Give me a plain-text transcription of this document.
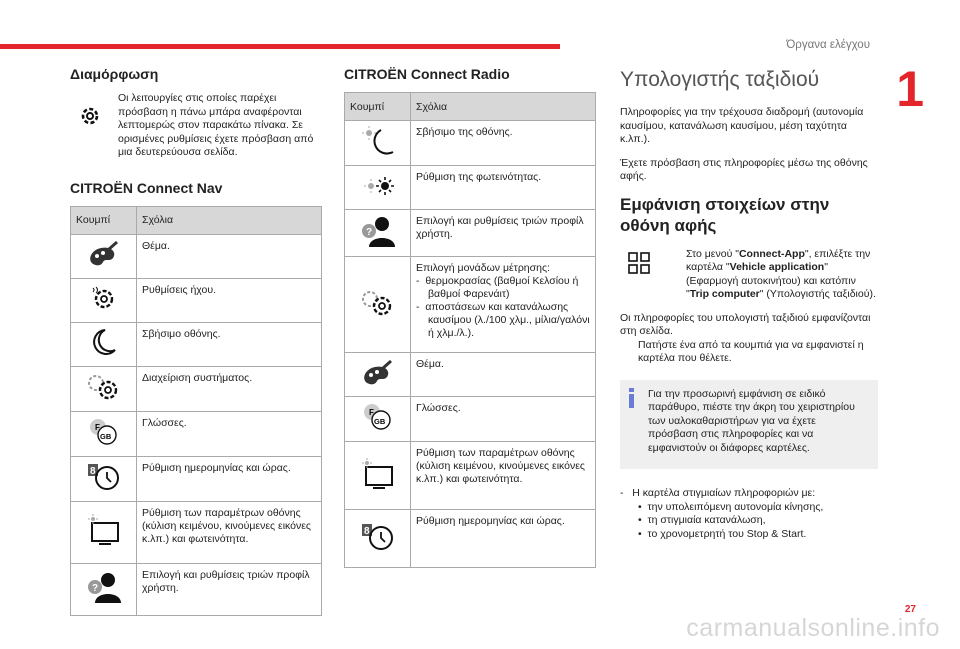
Όργανα ελέγχου
1
Διαμόρφωση

Οι λειτουργίες στις οποίες παρέχει πρόσβαση η πάνω μπάρα αναφέρονται λεπτομερώς στον παρακάτω πίνακα. Σε ορισμένες ρυθμίσεις έχετε πρόσβαση από μια δευτερεύουσα σελίδα.

CITROËN Connect Nav
Κουμπί	Σχόλια
	Θέμα.
	Ρυθμίσεις ήχου.
	Σβήσιμο οθόνης.
	Διαχείριση συστήματος.

F
GB	Γλώσσες.

8	Ρύθμιση ημερομηνίας και ώρας.
	Ρύθμιση των παραμέτρων οθόνης (κύλιση κειμένου, κινούμενες εικόνες κ.λπ.) και φωτεινότητα.

?	Επιλογή και ρυθμίσεις τριών προφίλ χρήστη.
CITROËN Connect Radio
Κουμπί	Σχόλια
	Σβήσιμο της οθόνης.
	Ρύθμιση της φωτεινότητας.

?	Επιλογή και ρυθμίσεις τριών προφίλ χρήστη.

Επιλογή μονάδων μέτρησης:
-  θερμοκρασίας (βαθμοί Κελσίου ή βαθμοί Φαρενάιτ)
-  αποστάσεων και κατανάλωσης καυσίμου (λ./100 χλμ., μίλια/γαλόνι ή χλμ./λ.).

	Θέμα.

F
GB	Γλώσσες.
	Ρύθμιση των παραμέτρων οθόνης (κύλιση κειμένου, κινούμενες εικόνες κ.λπ.) και φωτεινότητα.

8	Ρύθμιση ημερομηνίας και ώρας.
Υπολογιστής ταξιδιού

Πληροφορίες για την τρέχουσα διαδρομή (αυτονομία καυσίμου, κατανάλωση καυσίμου, μέση ταχύτητα κ.λπ.).

Έχετε πρόσβαση στις πληροφορίες μέσω της οθόνης αφής.

Εμφάνιση στοιχείων στην οθόνη αφής
Στο μενού "Connect-App", επιλέξτε την καρτέλα "Vehicle application" (Εφαρμογή αυτοκινήτου) και κατόπιν "Trip computer" (Υπολογιστής ταξιδιού).

Οι πληροφορίες του υπολογιστή ταξιδιού εμφανίζονται στη σελίδα.

Πατήστε ένα από τα κουμπιά για να εμφανιστεί η καρτέλα που θέλετε.
Για την προσωρινή εμφάνιση σε ειδικό παράθυρο, πιέστε την άκρη του χειριστηρίου των υαλοκαθαριστήρων για να έχετε πρόσβαση στις πληροφορίες και να εμφανιστούν οι διάφορες καρτέλες.
-   Η καρτέλα στιγμιαίων πληροφοριών με:
•  την υπολειπόμενη αυτονομία κίνησης,
•  τη στιγμιαία κατανάλωση,
•  το χρονομετρητή του Stop & Start.
27
carmanualsonline.info
